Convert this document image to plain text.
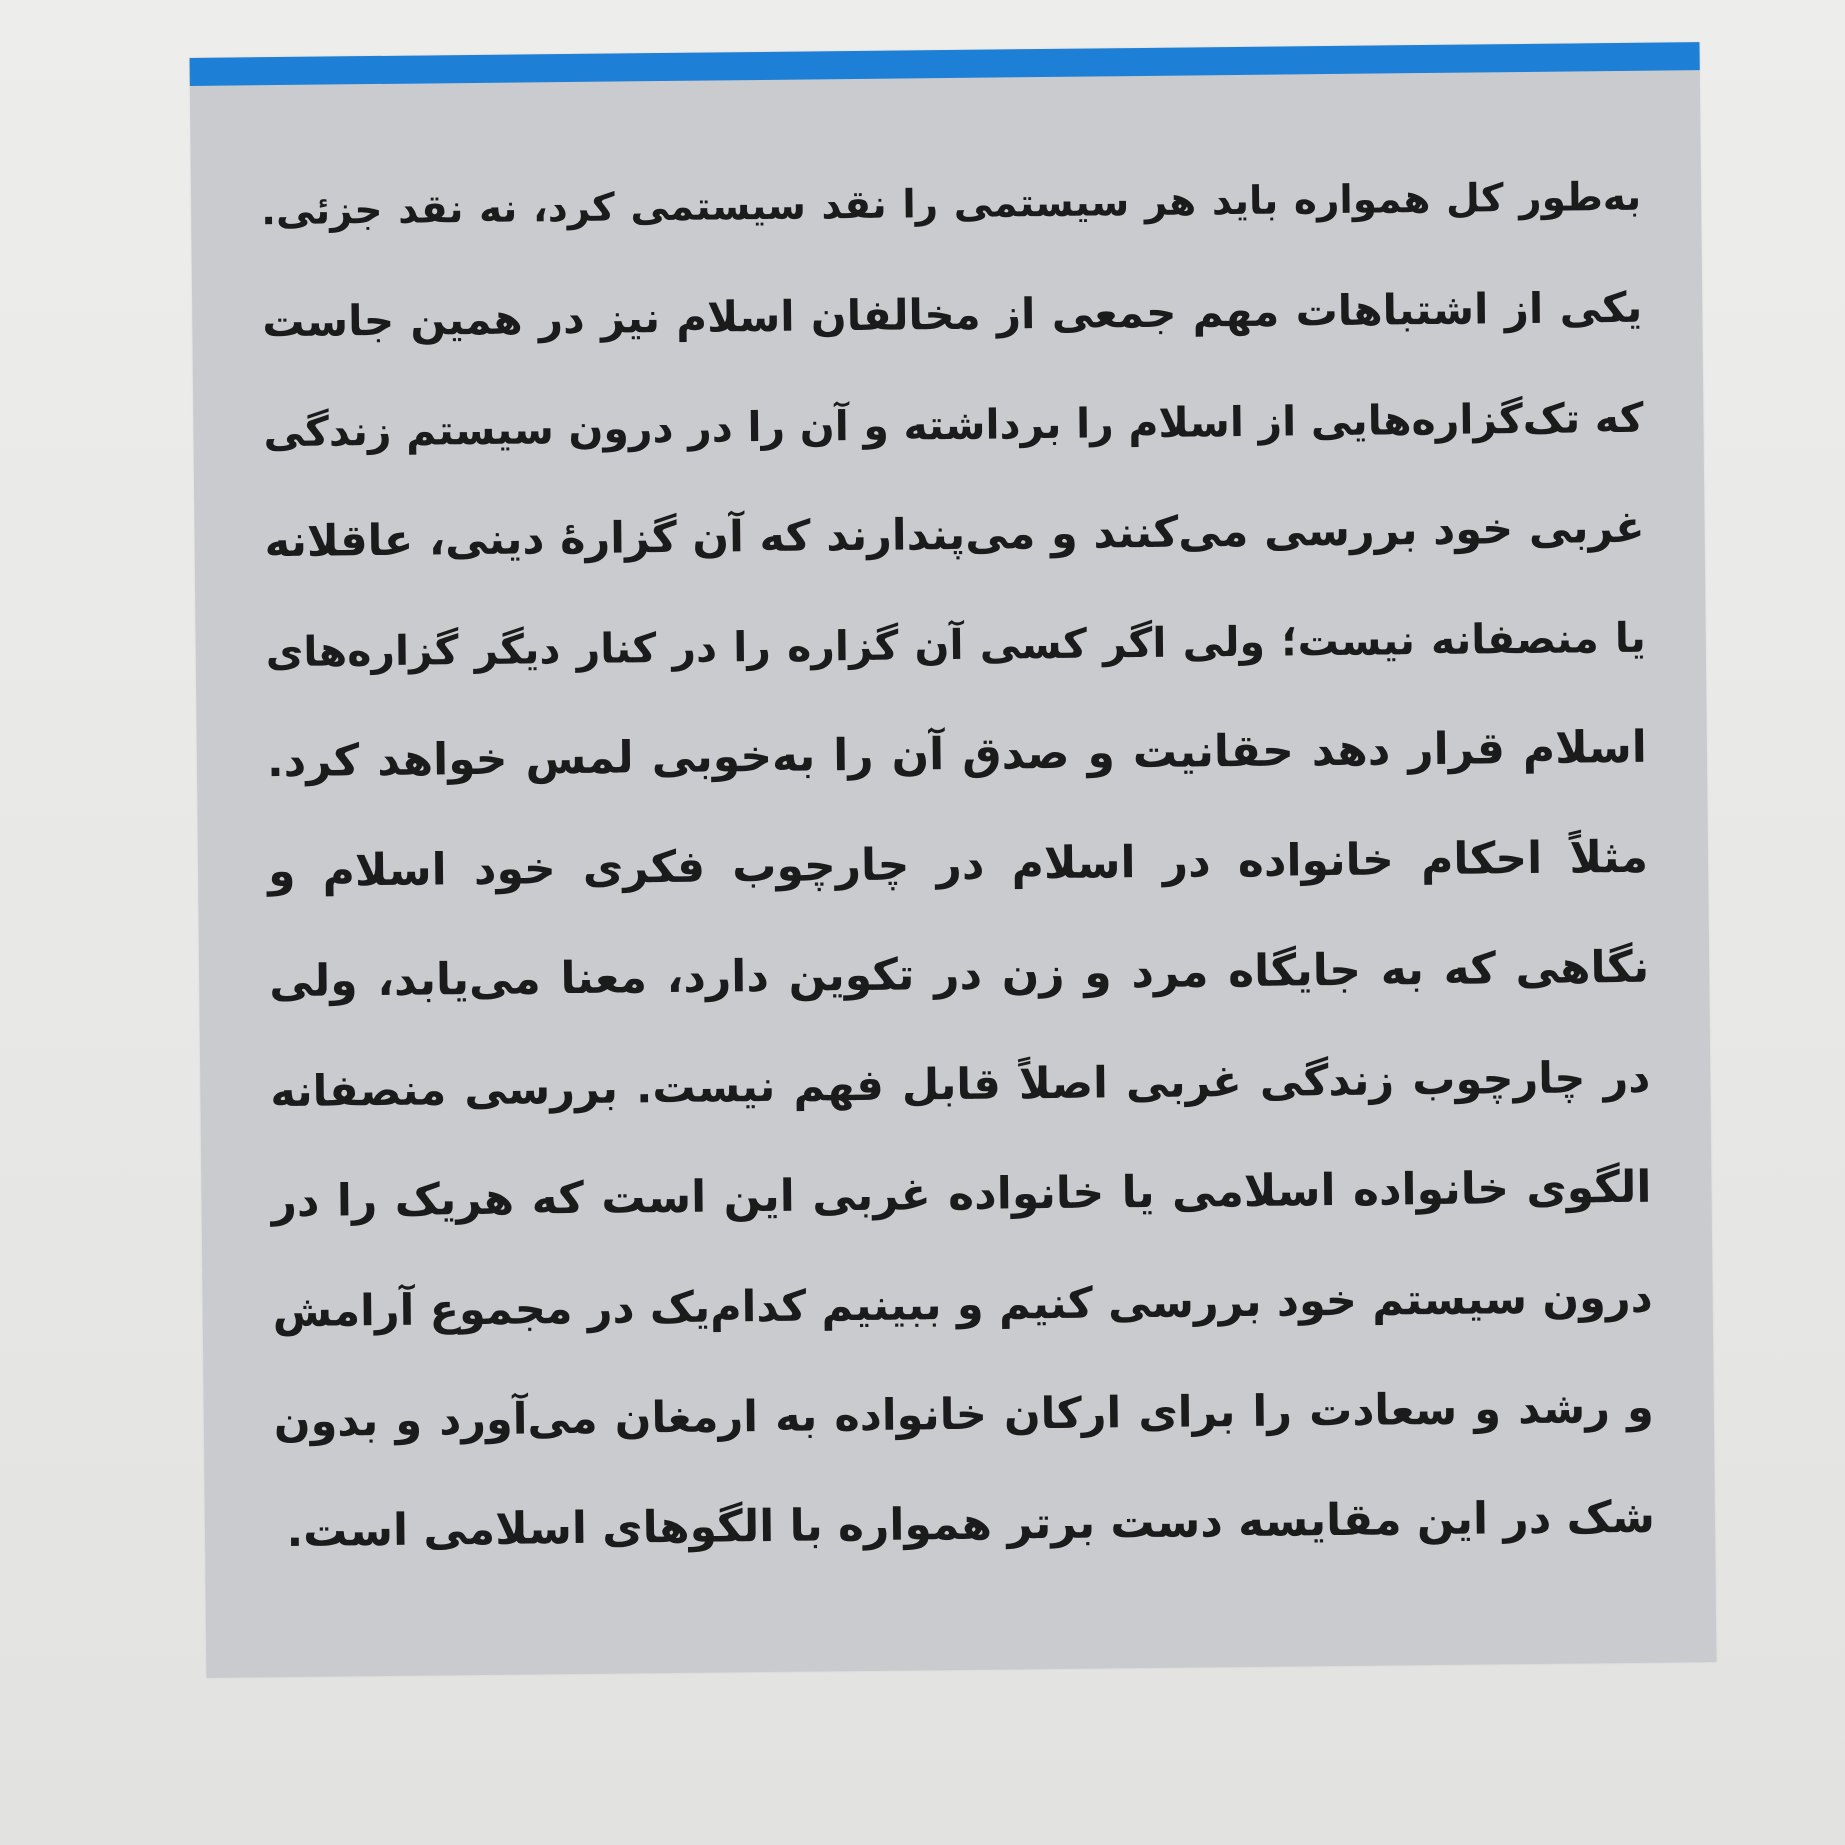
به‌طور کل همواره باید هر سیستمی را نقد سیستمی کرد، نه نقد جزئی.
یکی از اشتباهات مهم جمعی از مخالفان اسلام نیز در همین جاست
که تک‌گزاره‌هایی از اسلام را برداشته و آن را در درون سیستم زندگی
غربی خود بررسی می‌کنند و می‌پندارند که آن گزارهٔ دینی، عاقلانه
یا منصفانه نیست؛ ولی اگر کسی آن گزاره را در کنار دیگر گزاره‌های
اسلام قرار دهد حقانیت و صدق آن را به‌خوبی لمس خواهد کرد.
مثلاً احکام خانواده در اسلام در چارچوب فکری خود اسلام و
نگاهی که به جایگاه مرد و زن در تکوین دارد، معنا می‌یابد، ولی
در چارچوب زندگی غربی اصلاً قابل فهم نیست. بررسی منصفانه
الگوی خانواده اسلامی یا خانواده غربی این است که هریک را در
درون سیستم خود بررسی کنیم و ببینیم کدام‌یک در مجموع آرامش
و رشد و سعادت را برای ارکان خانواده به ارمغان می‌آورد و بدون
شک در این مقایسه دست برتر همواره با الگوهای اسلامی است.
